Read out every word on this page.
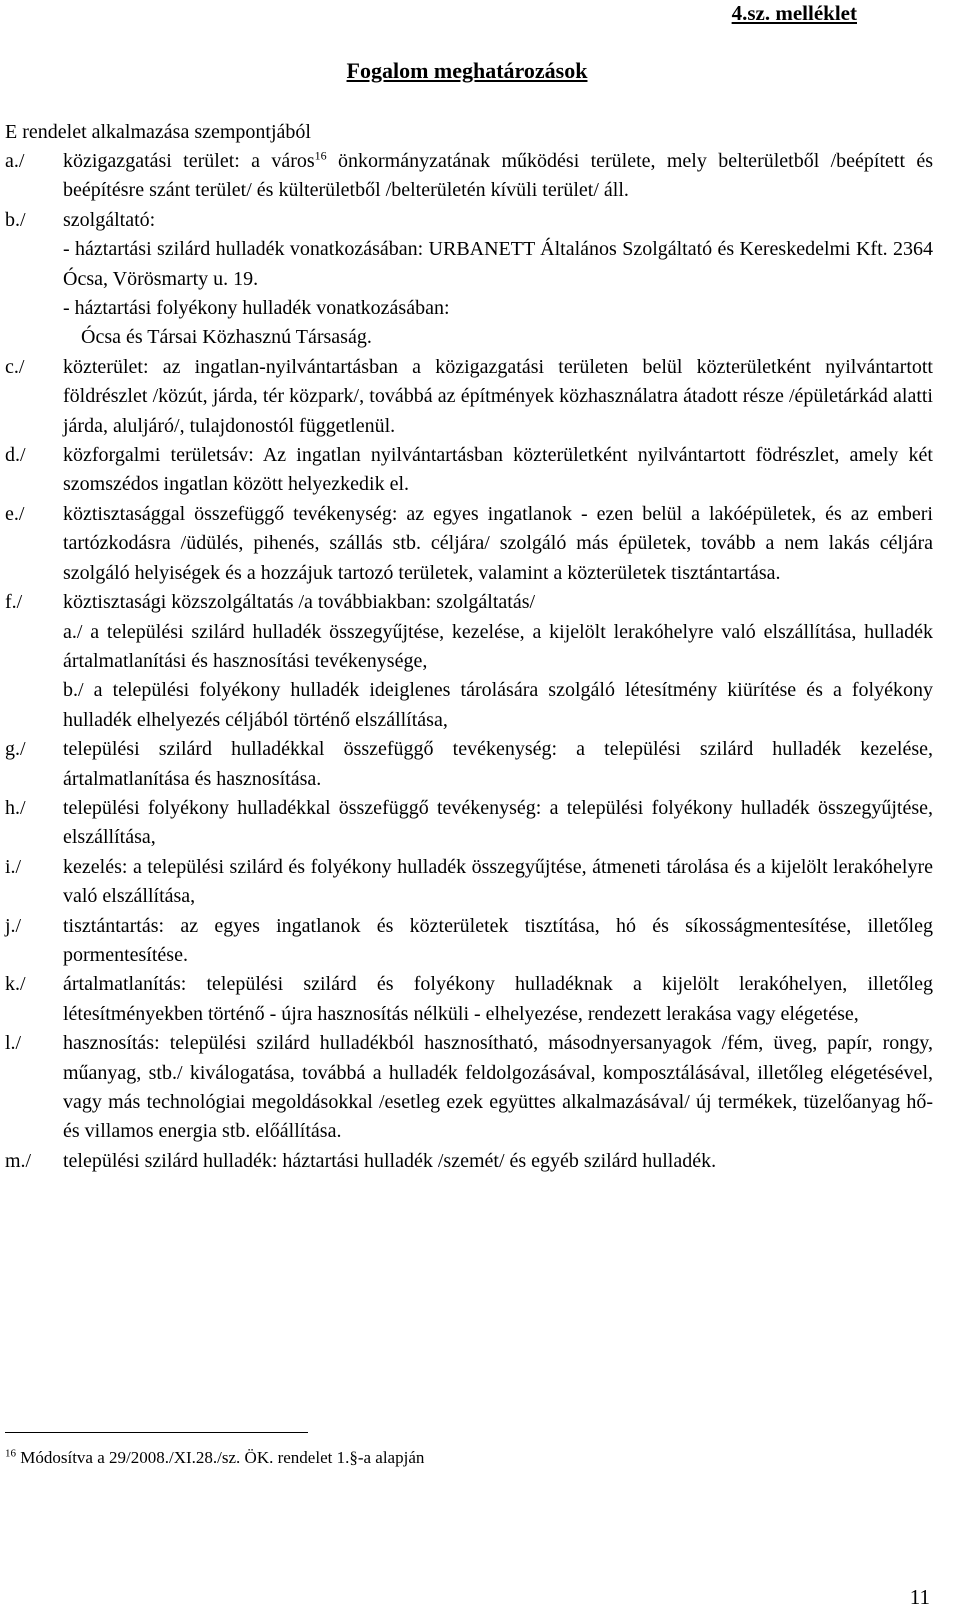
4.sz. melléklet
Fogalom meghatározások
E rendelet alkalmazása szempontjából
a./	közigazgatási terület: a város$^{16}$ önkormányzatának működési területe, mely belterületből /beépített és beépítésre szánt terület/ és külterületből /belterületén kívüli terület/ áll.
b./	szolgáltató:
- háztartási szilárd hulladék vonatkozásában: URBANETT Általános Szolgáltató és Kereskedelmi Kft. 2364 Ócsa, Vörösmarty u. 19.
- háztartási folyékony hulladék vonatkozásában:
Ócsa és Társai Közhasznú Társaság.
c./	közterület: az ingatlan-nyilvántartásban a közigazgatási területen belül közterületként nyilvántartott földrészlet /közút, járda, tér közpark/, továbbá az építmények közhasználatra átadott része /épületárkád alatti járda, aluljáró/, tulajdonostól függetlenül.
d./	közforgalmi területsáv: Az ingatlan nyilvántartásban közterületként nyilvántartott födrészlet, amely két szomszédos ingatlan között helyezkedik el.
e./	köztisztasággal összefüggő tevékenység: az egyes ingatlanok - ezen belül a lakóépületek, és az emberi tartózkodásra /üdülés, pihenés, szállás stb. céljára/ szolgáló más épületek, tovább a nem lakás céljára szolgáló helyiségek és a hozzájuk tartozó területek, valamint a közterületek tisztántartása.
f./	köztisztasági közszolgáltatás /a továbbiakban: szolgáltatás/
a./ a települési szilárd hulladék összegyűjtése, kezelése, a kijelölt lerakóhelyre való elszállítása, hulladék ártalmatlanítási és hasznosítási tevékenysége,
b./ a települési folyékony hulladék ideiglenes tárolására szolgáló létesítmény kiürítése és a folyékony hulladék elhelyezés céljából történő elszállítása,
g./	települési szilárd hulladékkal összefüggő tevékenység: a települési szilárd hulladék kezelése, ártalmatlanítása és hasznosítása.
h./	települési folyékony hulladékkal összefüggő tevékenység: a települési folyékony hulladék összegyűjtése, elszállítása,
i./	kezelés: a települési szilárd és folyékony hulladék összegyűjtése, átmeneti tárolása és a kijelölt lerakóhelyre való elszállítása,
j./	tisztántartás: az egyes ingatlanok és közterületek tisztítása, hó és síkosságmentesítése, illetőleg pormentesítése.
k./	ártalmatlanítás: települési szilárd és folyékony hulladéknak a kijelölt lerakóhelyen, illetőleg létesítményekben történő - újra hasznosítás nélküli - elhelyezése, rendezett lerakása vagy elégetése,
l./	hasznosítás: települési szilárd hulladékból hasznosítható, másodnyersanyagok /fém, üveg, papír, rongy, műanyag, stb./ kiválogatása, továbbá a hulladék feldolgozásával, komposztálásával, illetőleg elégetésével, vagy más technológiai megoldásokkal /esetleg ezek együttes alkalmazásával/ új termékek, tüzelőanyag hő- és villamos energia stb. előállítása.
m./	települési szilárd hulladék: háztartási hulladék /szemét/ és egyéb szilárd hulladék.
$^{16}$ Módosítva a 29/2008./XI.28./sz. ÖK. rendelet 1.§-a alapján
11
